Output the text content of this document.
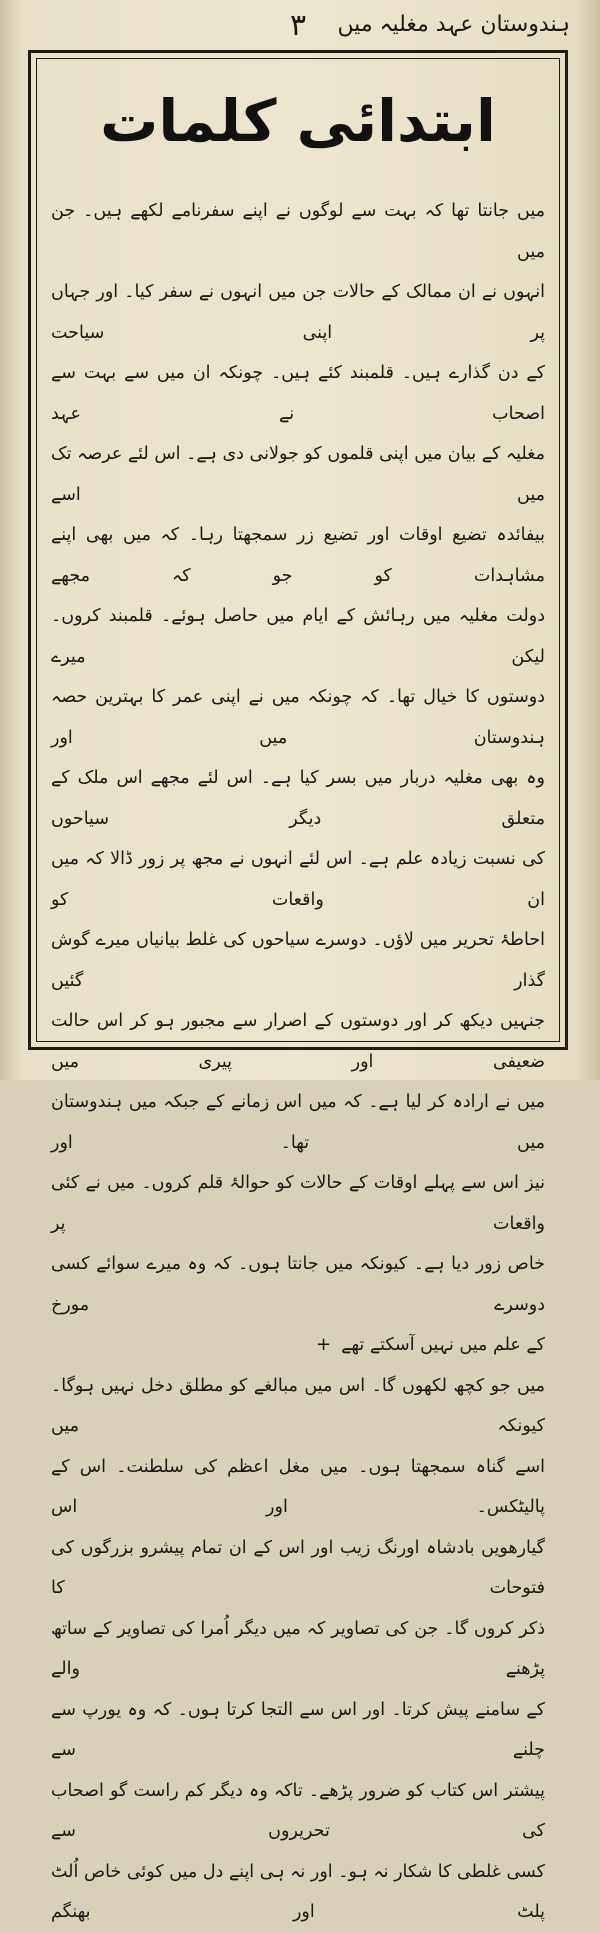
ہندوستان عہد مغلیہ میں
۳
ابتدائی کلمات

میں جانتا تھا کہ بہت سے لوگوں نے اپنے سفرنامے لکھے ہیں۔ جن میں

انہوں نے ان ممالک کے حالات جن میں انہوں نے سفر کیا۔ اور جہاں پر اپنی سیاحت

کے دن گذارے ہیں۔ قلمبند کئے ہیں۔ چونکہ ان میں سے بہت سے اصحاب نے عہد

مغلیہ کے بیان میں اپنی قلموں کو جولانی دی ہے۔ اس لئے عرصہ تک میں اسے

بیفائدہ تضیع اوقات اور تضیع زر سمجھتا رہا۔ کہ میں بھی اپنے مشاہدات کو جو کہ مجھے

دولت مغلیہ میں رہائش کے ایام میں حاصل ہوئے۔ قلمبند کروں۔ لیکن میرے

دوستوں کا خیال تھا۔ کہ چونکہ میں نے اپنی عمر کا بہترین حصہ ہندوستان میں اور

وہ بھی مغلیہ دربار میں بسر کیا ہے۔ اس لئے مجھے اس ملک کے متعلق دیگر سیاحوں

کی نسبت زیادہ علم ہے۔ اس لئے انہوں نے مجھ پر زور ڈالا کہ میں ان واقعات کو

احاطۂ تحریر میں لاؤں۔ دوسرے سیاحوں کی غلط بیانیاں میرے گوش گذار گئیں

جنہیں دیکھ کر اور دوستوں کے اصرار سے مجبور ہو کر اس حالت ضعیفی اور پیری میں

میں نے ارادہ کر لیا ہے۔ کہ میں اس زمانے کے جبکہ میں ہندوستان میں تھا۔ اور

نیز اس سے پہلے اوقات کے حالات کو حوالۂ قلم کروں۔ میں نے کئی واقعات پر

خاص زور دیا ہے۔ کیونکہ میں جانتا ہوں۔ کہ وہ میرے سوائے کسی دوسرے مورخ

کے علم میں نہیں آسکتے تھے+

میں جو کچھ لکھوں گا۔ اس میں مبالغے کو مطلق دخل نہیں ہوگا۔ کیونکہ میں

اسے گناہ سمجھتا ہوں۔ میں مغل اعظم کی سلطنت۔ اس کے پالیٹکس۔ اور اس

گیارھویں بادشاہ اورنگ زیب اور اس کے ان تمام پیشرو بزرگوں کی فتوحات کا

ذکر کروں گا۔ جن کی تصاویر کہ میں دیگر اُمرا کی تصاویر کے ساتھ پڑھنے والے

کے سامنے پیش کرتا۔ اور اس سے التجا کرتا ہوں۔ کہ وہ یورپ سے چلنے سے

پیشتر اس کتاب کو ضرور پڑھے۔ تاکہ وہ دیگر کم راست گو اصحاب کی تحریروں سے

کسی غلطی کا شکار نہ ہو۔ اور نہ ہی اپنے دل میں کوئی خاص اُلٹ پلٹ اور بھنگم
